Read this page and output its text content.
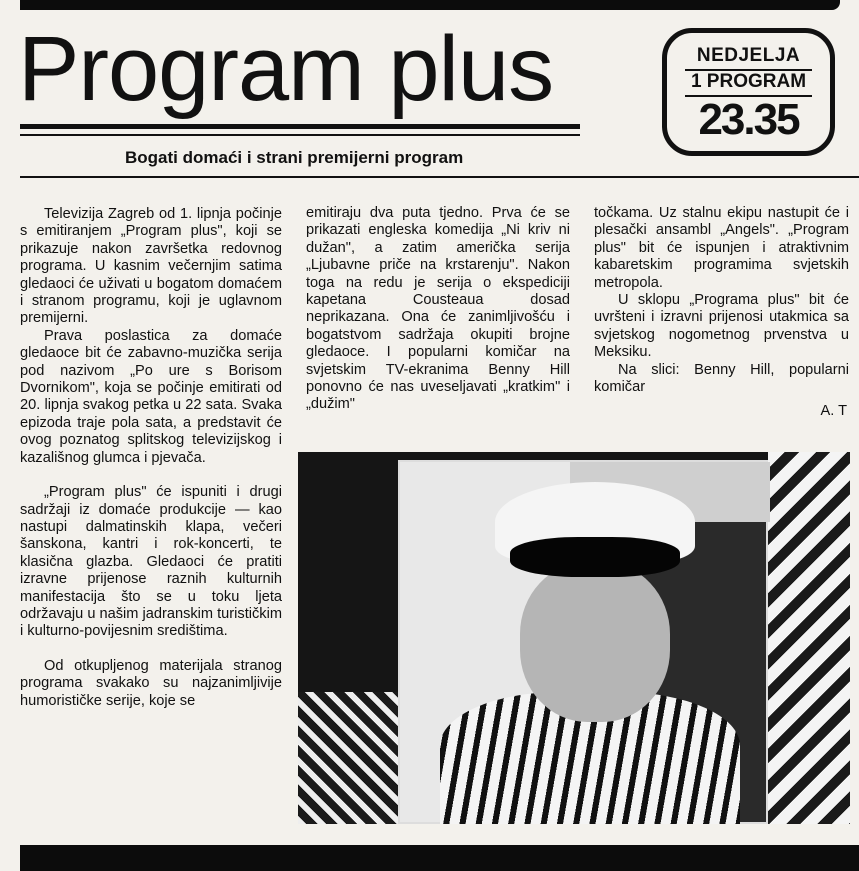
Program plus
Bogati domaći i strani premijerni program
NEDJELJA
1 PROGRAM
23.35

Televizija Zagreb od 1. lipnja počinje s emitiranjem „Program plus", koji se prikazuje nakon završetka redovnog programa. U kasnim večernjim satima gledaoci će uživati u bogatom domaćem i stranom programu, koji je uglavnom premijerni.

Prava poslastica za domaće gledaoce bit će zabavno-muzička serija pod nazivom „Po ure s Borisom Dvornikom", koja se počinje emitirati od 20. lipnja svakog petka u 22 sata. Svaka epizoda traje pola sata, a predstavit će ovog poznatog splitskog televizijskog i kazališnog glumca i pjevača.

„Program plus" će ispuniti i drugi sadržaji iz domaće produkcije — kao nastupi dalmatinskih klapa, večeri šanskona, kantri i rok-koncerti, te klasična glazba. Gledaoci će pratiti izravne prijenose raznih kulturnih manifestacija što se u toku ljeta održavaju u našim jadranskim turističkim i kulturno-povijesnim središtima.

Od otkupljenog materijala stranog programa svakako su najzanimljivije humorističke serije, koje se

emitiraju dva puta tjedno. Prva će se prikazati engleska komedija „Ni kriv ni dužan", a zatim američka serija „Ljubavne priče na krstarenju". Nakon toga na redu je serija o ekspediciji kapetana Cousteaua dosad neprikazana. Ona će zanimljivošću i bogatstvom sadržaja okupiti brojne gledaoce. I popularni komičar na svjetskim TV-ekranima Benny Hill ponovno će nas uveseljavati „kratkim" i „dužim"

točkama. Uz stalnu ekipu nastupit će i plesački ansambl „Angels". „Program plus" bit će ispunjen i atraktivnim kabaretskim programima svjetskih metropola.

U sklopu „Programa plus" bit će uvršteni i izravni prijenosi utakmica sa svjetskog nogometnog prvenstva u Meksiku.

Na slici: Benny Hill, popularni komičar

A. T
